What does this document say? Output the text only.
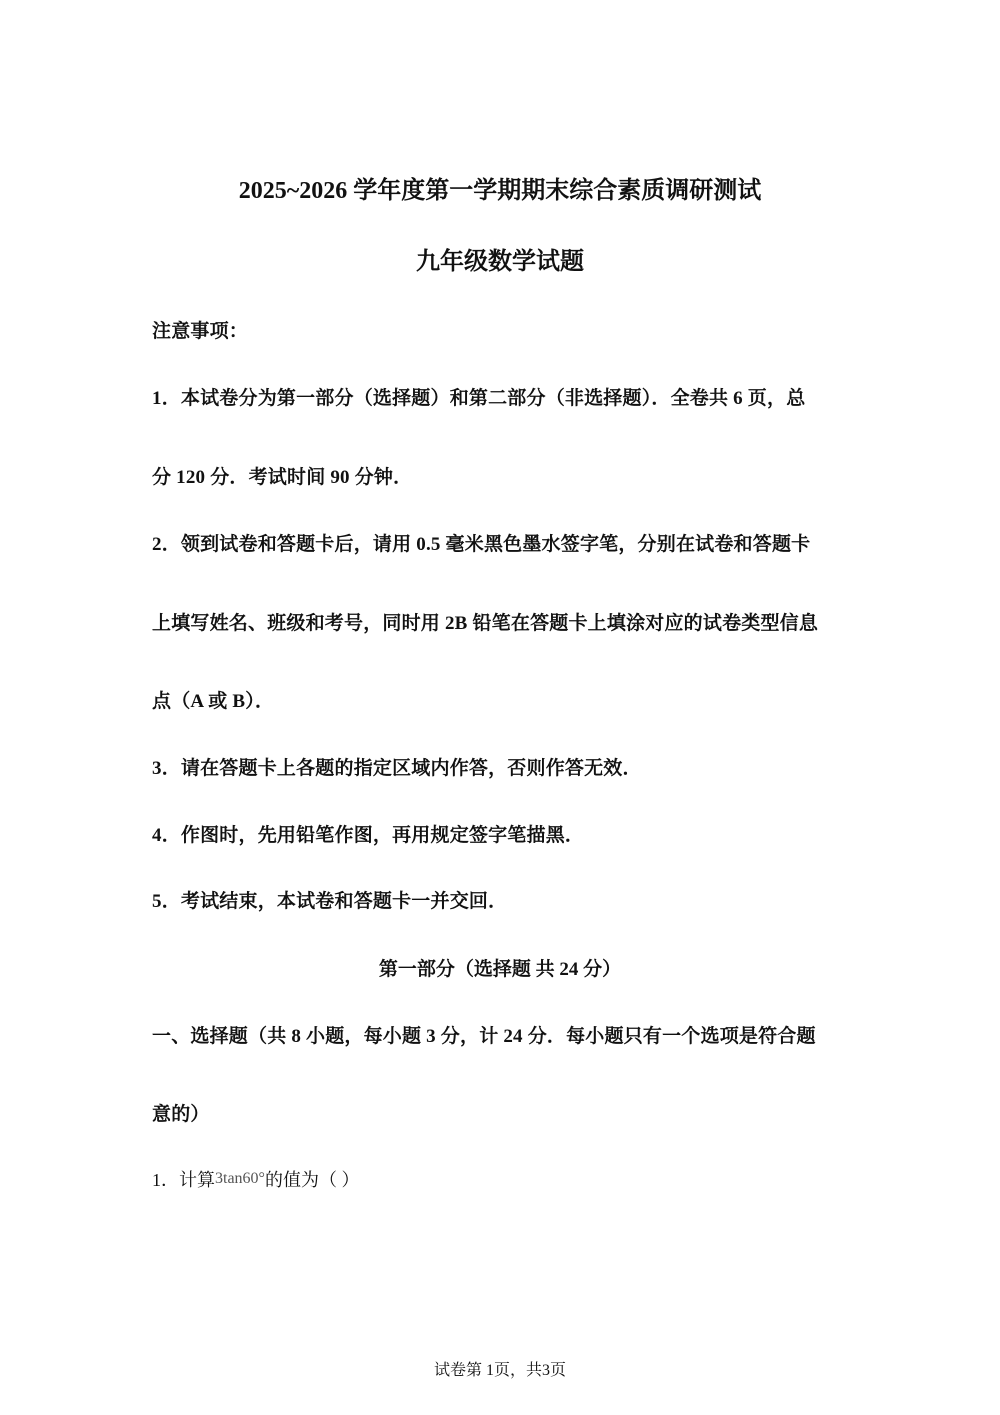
2025~2026 学年度第一学期期末综合素质调研测试
九年级数学试题
注意事项：
1．本试卷分为第一部分（选择题）和第二部分（非选择题）．全卷共 6 页，总
分 120 分．考试时间 90 分钟．
2．领到试卷和答题卡后，请用 0.5 毫米黑色墨水签字笔，分别在试卷和答题卡
上填写姓名、班级和考号，同时用 2B 铅笔在答题卡上填涂对应的试卷类型信息
点（A 或 B）．
3．请在答题卡上各题的指定区域内作答，否则作答无效．
4．作图时，先用铅笔作图，再用规定签字笔描黑．
5．考试结束，本试卷和答题卡一并交回．
第一部分（选择题 共 24 分）
一、选择题（共 8 小题，每小题 3 分，计 24 分．每小题只有一个选项是符合题
意的）
1．计算3tan60°的值为（ ）
试卷第 1页，共3页
